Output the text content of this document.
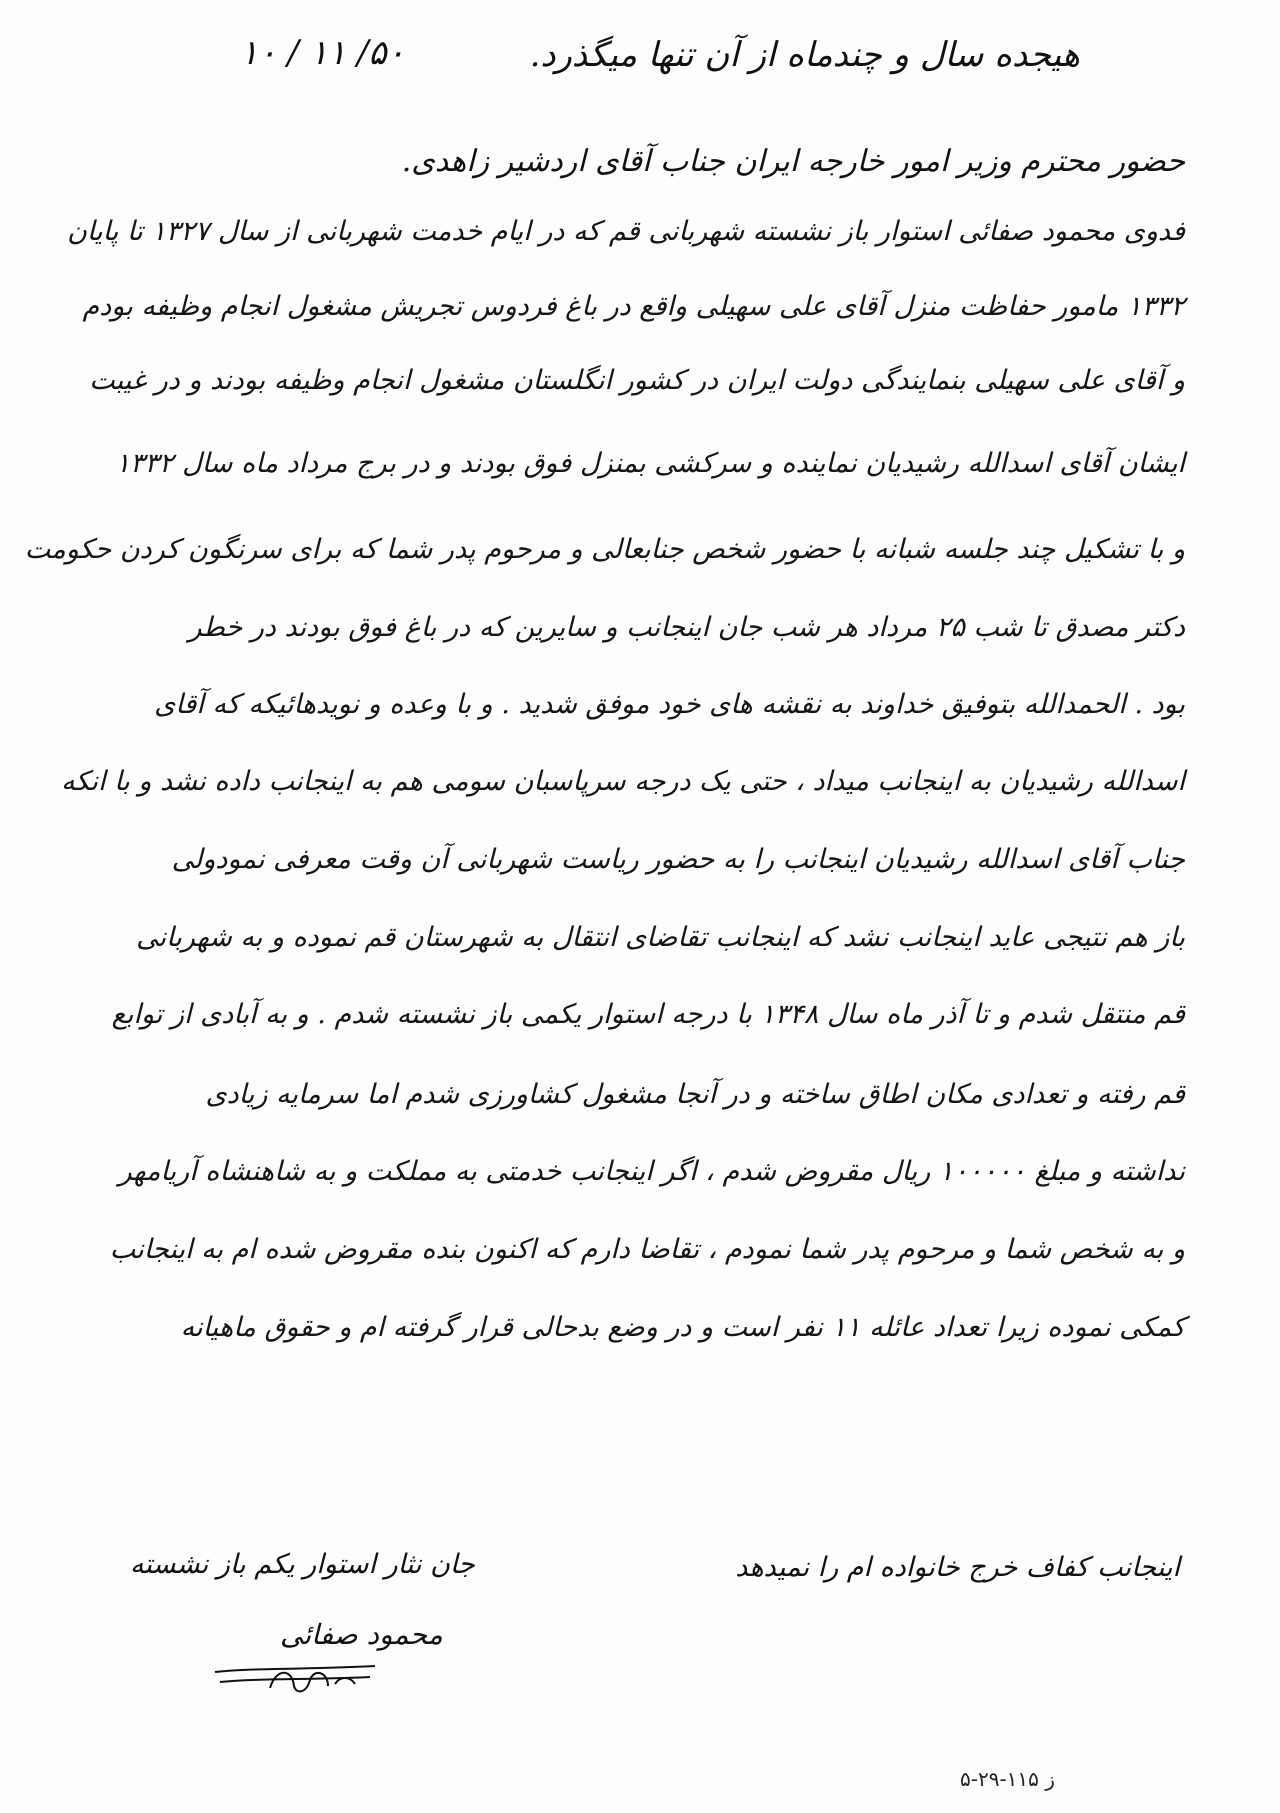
هیجده سال و چندماه از آن تنها میگذرد.
۵۰/ ۱۱ / ۱۰
حضور محترم وزیر امور خارجه ایران جناب آقای اردشیر زاهدی.
فدوی محمود صفائی استوار باز نشسته شهربانی قم که در ایام خدمت شهربانی از سال ۱۳۲۷ تا پایان
۱۳۳۲ مامور حفاظت منزل آقای علی سهیلی واقع در باغ فردوس تجریش مشغول انجام وظیفه بودم
و آقای علی سهیلی بنمایندگی دولت ایران در کشور انگلستان مشغول انجام وظیفه بودند و در غیبت
ایشان آقای اسدالله رشیدیان نماینده و سرکشی بمنزل فوق بودند و در برج مرداد ماه سال ۱۳۳۲
و با تشکیل چند جلسه شبانه با حضور شخص جنابعالی و مرحوم پدر شما که برای سرنگون کردن حکومت
دکتر مصدق تا شب ۲۵ مرداد هر شب جان اینجانب و سایرین که در باغ فوق بودند در خطر
بود . الحمدالله بتوفیق خداوند به نقشه های خود موفق شدید . و با وعده و نویدهائیکه که آقای
اسدالله رشیدیان به اینجانب میداد ، حتی یک درجه سرپاسبان سومی هم به اینجانب داده نشد و با انکه
جناب آقای اسدالله رشیدیان اینجانب را به حضور ریاست شهربانی آن وقت معرفی نمودولی
باز هم نتیجی عاید اینجانب نشد که اینجانب تقاضای انتقال به شهرستان قم نموده و به شهربانی
قم منتقل شدم و تا آذر ماه سال ۱۳۴۸ با درجه استوار یکمی باز نشسته شدم . و به آبادی از توابع
قم رفته و تعدادی مکان اطاق ساخته و در آنجا مشغول کشاورزی شدم اما سرمایه زیادی
نداشته و مبلغ ۱۰۰۰۰۰ ریال مقروض شدم ، اگر اینجانب خدمتی به مملکت و به شاهنشاه آریامهر
و به شخص شما و مرحوم پدر شما نمودم ، تقاضا دارم که اکنون بنده مقروض شده ام به اینجانب
کمکی نموده زیرا تعداد عائله ۱۱ نفر است و در وضع بدحالی قرار گرفته ام و حقوق ماهیانه
اینجانب کفاف خرج خانواده ام را نمیدهد
جان نثار استوار یکم باز نشسته
محمود صفائی
۵-۲۹-۱۱۵ ز
